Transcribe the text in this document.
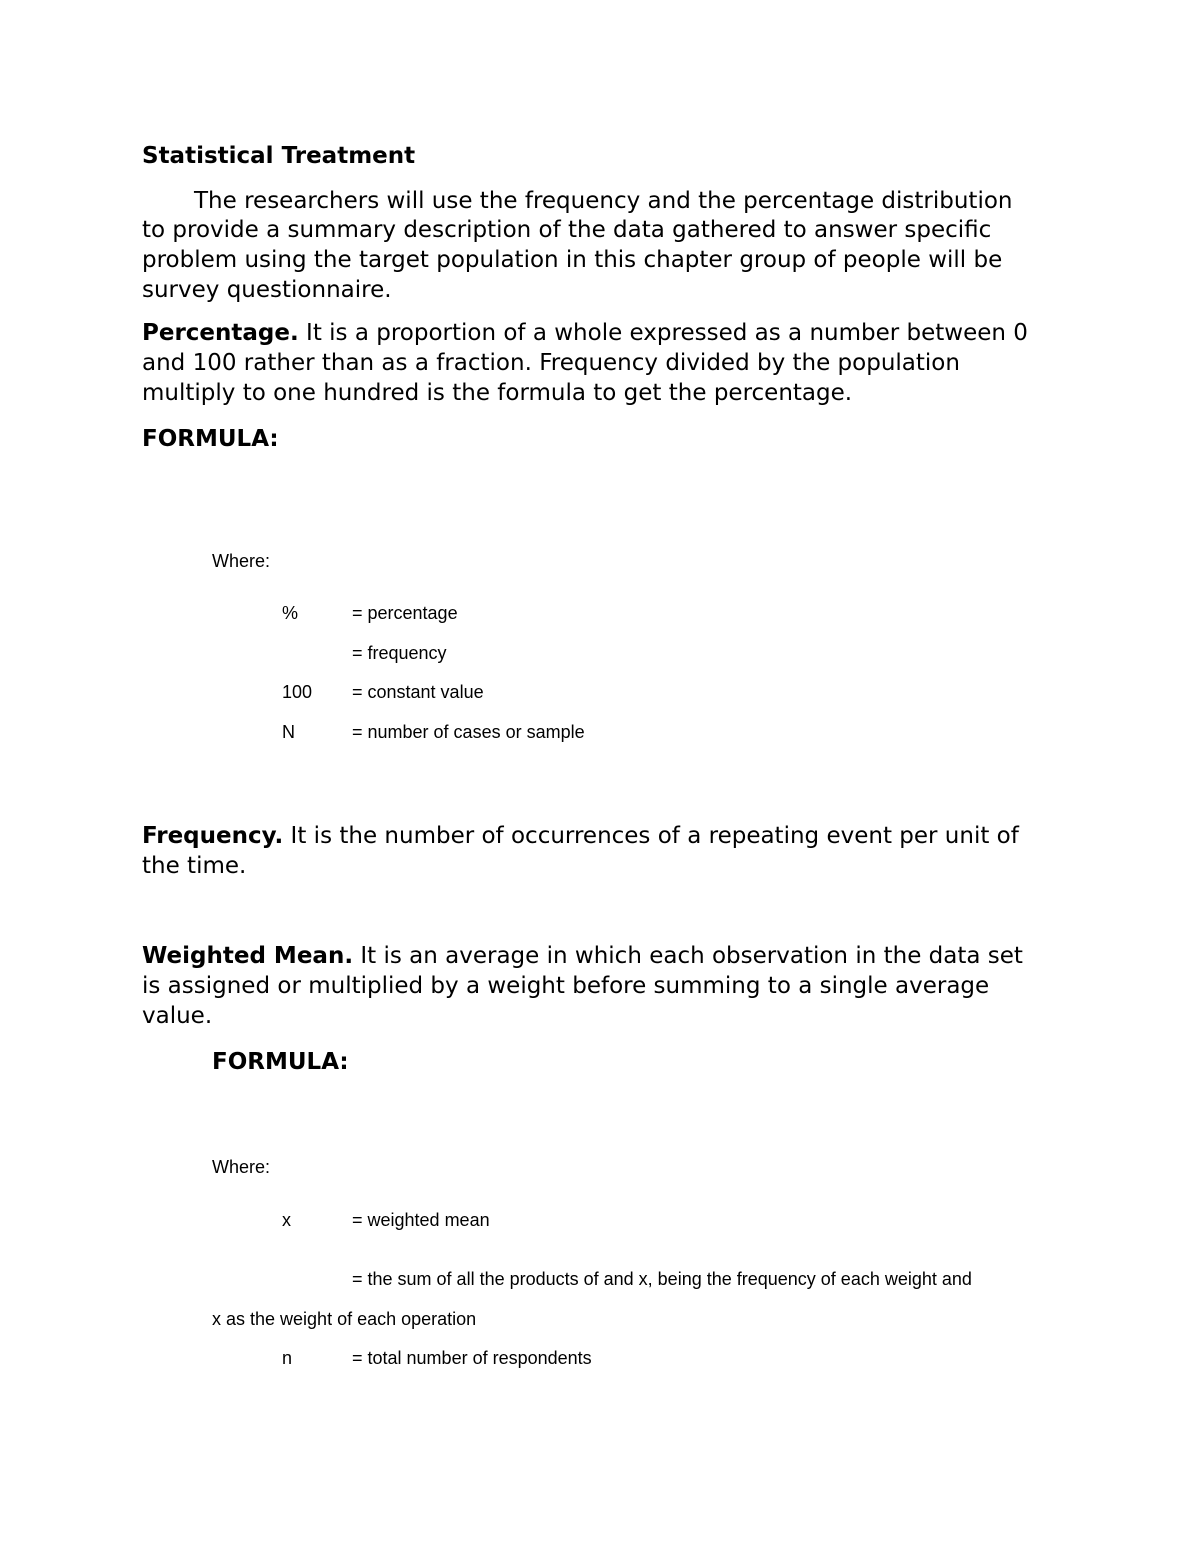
Statistical Treatment

The researchers will use the frequency and the percentage distribution

to provide a summary description of the data gathered to answer specific

problem using the target population in this chapter group of people will be

survey questionnaire.

Percentage. It is a proportion of a whole expressed as a number between 0

and 100 rather than as a fraction. Frequency divided by the population

multiply to one hundred is the formula to get the percentage.

FORMULA:

Where:

%	= percentage
= frequency
100 = constant value
N	= number of cases or sample

Frequency. It is the number of occurrences of a repeating event per unit of

the time.

Weighted Mean. It is an average in which each observation in the data set

is assigned or multiplied by a weight before summing to a single average

value.

FORMULA:

Where:

x	= weighted mean
= the sum of all the products of and x, being the frequency of each weight and
x as the weight of each operation
n	= total number of respondents
